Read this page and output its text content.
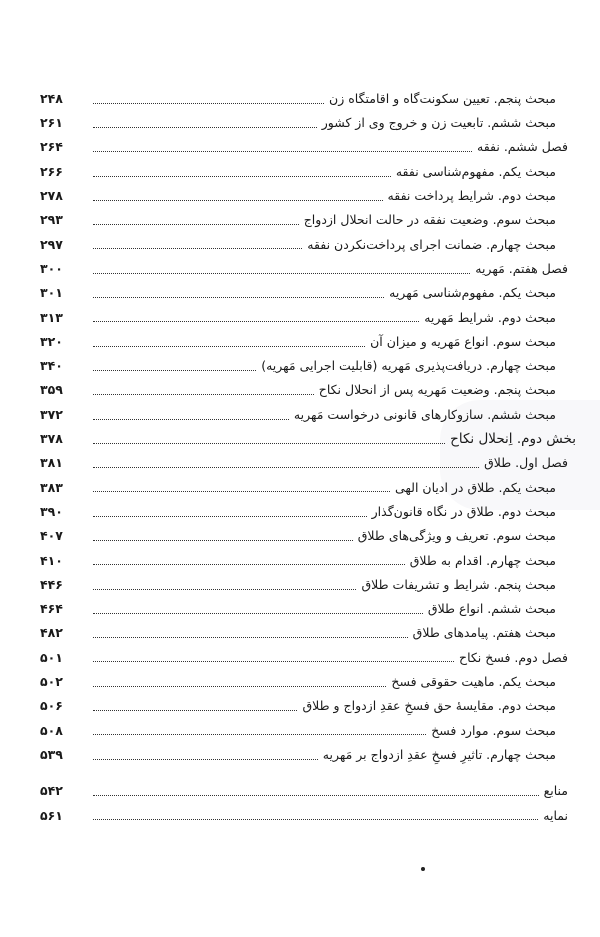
مبحث پنجم. تعیین سکونت‌گاه و اقامتگاه زن
۲۴۸
مبحث ششم. تابعیت زن و خروج وی از کشور
۲۶۱
فصل ششم. نفقه
۲۶۴
مبحث یکم. مفهوم‌شناسی نفقه
۲۶۶
مبحث دوم. شرایط پرداخت نفقه
۲۷۸
مبحث سوم. وضعیت نفقه در حالت انحلال ازدواج
۲۹۳
مبحث چهارم. ضمانت اجرای پرداخت‌نکردن نفقه
۲۹۷
فصل هفتم. مَهریه
۳۰۰
مبحث یکم. مفهوم‌شناسی مَهریه
۳۰۱
مبحث دوم. شرایط مَهریه
۳۱۳
مبحث سوم. انواع مَهریه و میزان آن
۳۲۰
مبحث چهارم. دریافت‌پذیری مَهریه (قابلیت اجرایی مَهریه)
۳۴۰
مبحث پنجم. وضعیت مَهریه پس از انحلال نکاح
۳۵۹
مبحث ششم. سازوکارهای قانونی درخواست مَهریه
۳۷۲
بخش دوم. اِنحلال نکاح
۳۷۸
فصل اول. طلاق
۳۸۱
مبحث یکم. طلاق در ادیان الهی
۳۸۳
مبحث دوم. طلاق در نگاه قانون‌گذار
۳۹۰
مبحث سوم. تعریف و ویژگی‌های طلاق
۴۰۷
مبحث چهارم. اقدام به طلاق
۴۱۰
مبحث پنجم. شرایط و تشریفات طلاق
۴۴۶
مبحث ششم. انواع طلاق
۴۶۴
مبحث هفتم. پیامدهای طلاق
۴۸۲
فصل دوم. فسخ نکاح
۵۰۱
مبحث یکم. ماهیت حقوقی فسخ
۵۰۲
مبحث دوم. مقایسهٔ حق فسخِ عقدِ ازدواج و طلاق
۵۰۶
مبحث سوم. موارد فسخ
۵۰۸
مبحث چهارم. تاثیرِ فسخِ عقدِ ازدواج بر مَهریه
۵۳۹
منابع
۵۴۲
نمایه
۵۶۱
